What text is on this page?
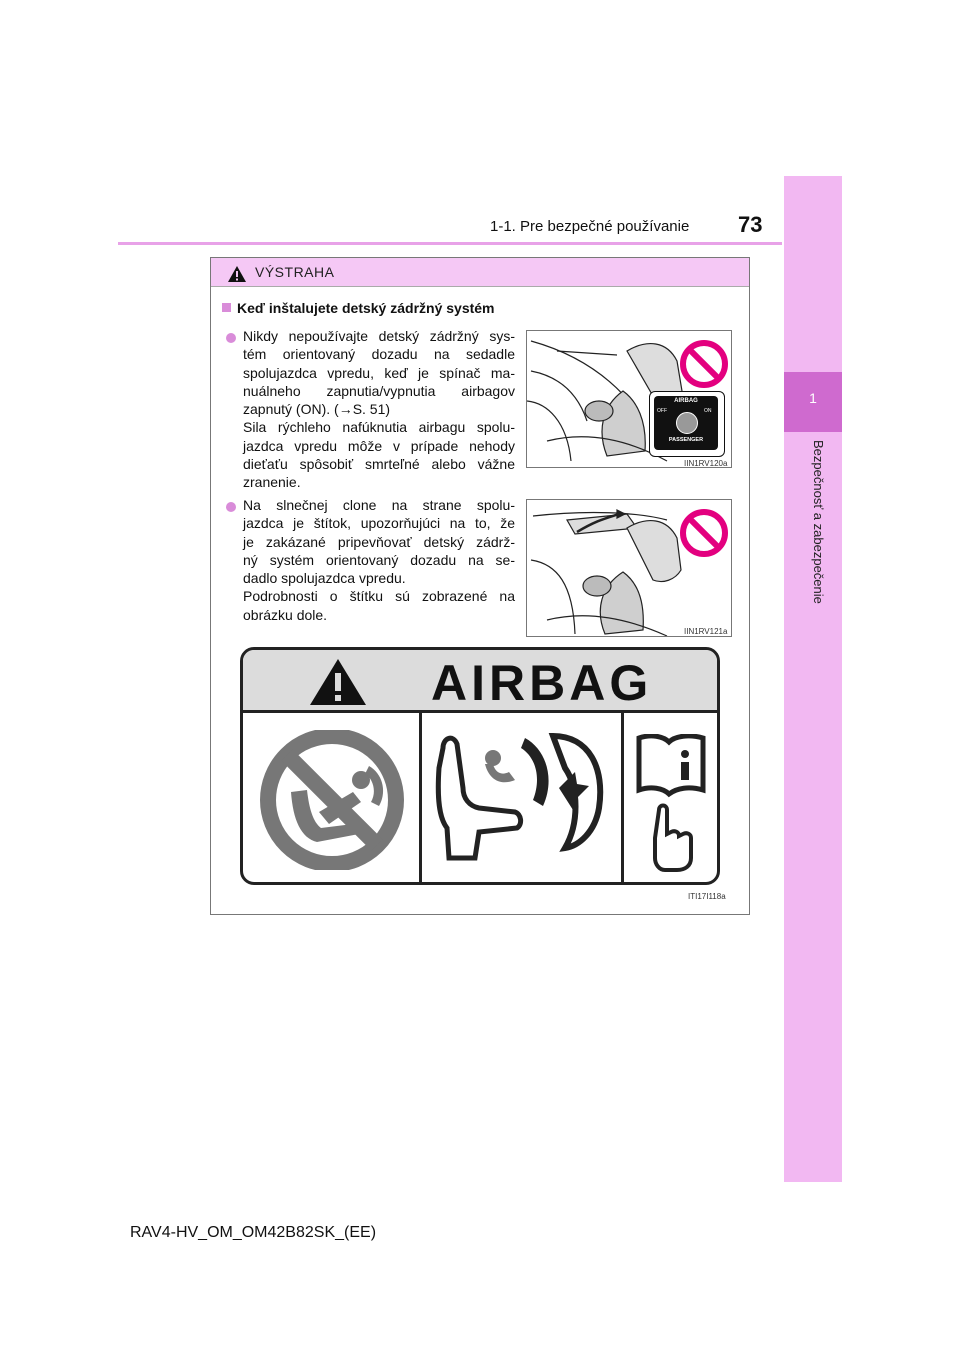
1-1. Pre bezpečné používanie 73
1
Bezpečnosť a zabezpečenie
VÝSTRAHA
Keď inštalujete detský zádržný systém
Nikdy nepoužívajte detský zádržný sys-
tém orientovaný dozadu na sedadle
spolujazdca vpredu, keď je spínač ma-
nuálneho zapnutia/vypnutia airbagov
zapnutý (ON). (→S. 51)
Sila rýchleho nafúknutia airbagu spolu-
jazdca vpredu môže v prípade nehody
dieťaťu spôsobiť smrteľné alebo vážne
zranenie.
AIRBAG
OFF	ON
PASSENGER
IIN1RV120a
Na slnečnej clone na strane spolu-
jazdca je štítok, upozorňujúci na to, že
je zakázané pripevňovať detský zádrž-
ný systém orientovaný dozadu na se-
dadlo spolujazdca vpredu.
Podrobnosti o štítku sú zobrazené na
obrázku dole.
IIN1RV121a
AIRBAG
ITI17I118a
RAV4-HV_OM_OM42B82SK_(EE)
